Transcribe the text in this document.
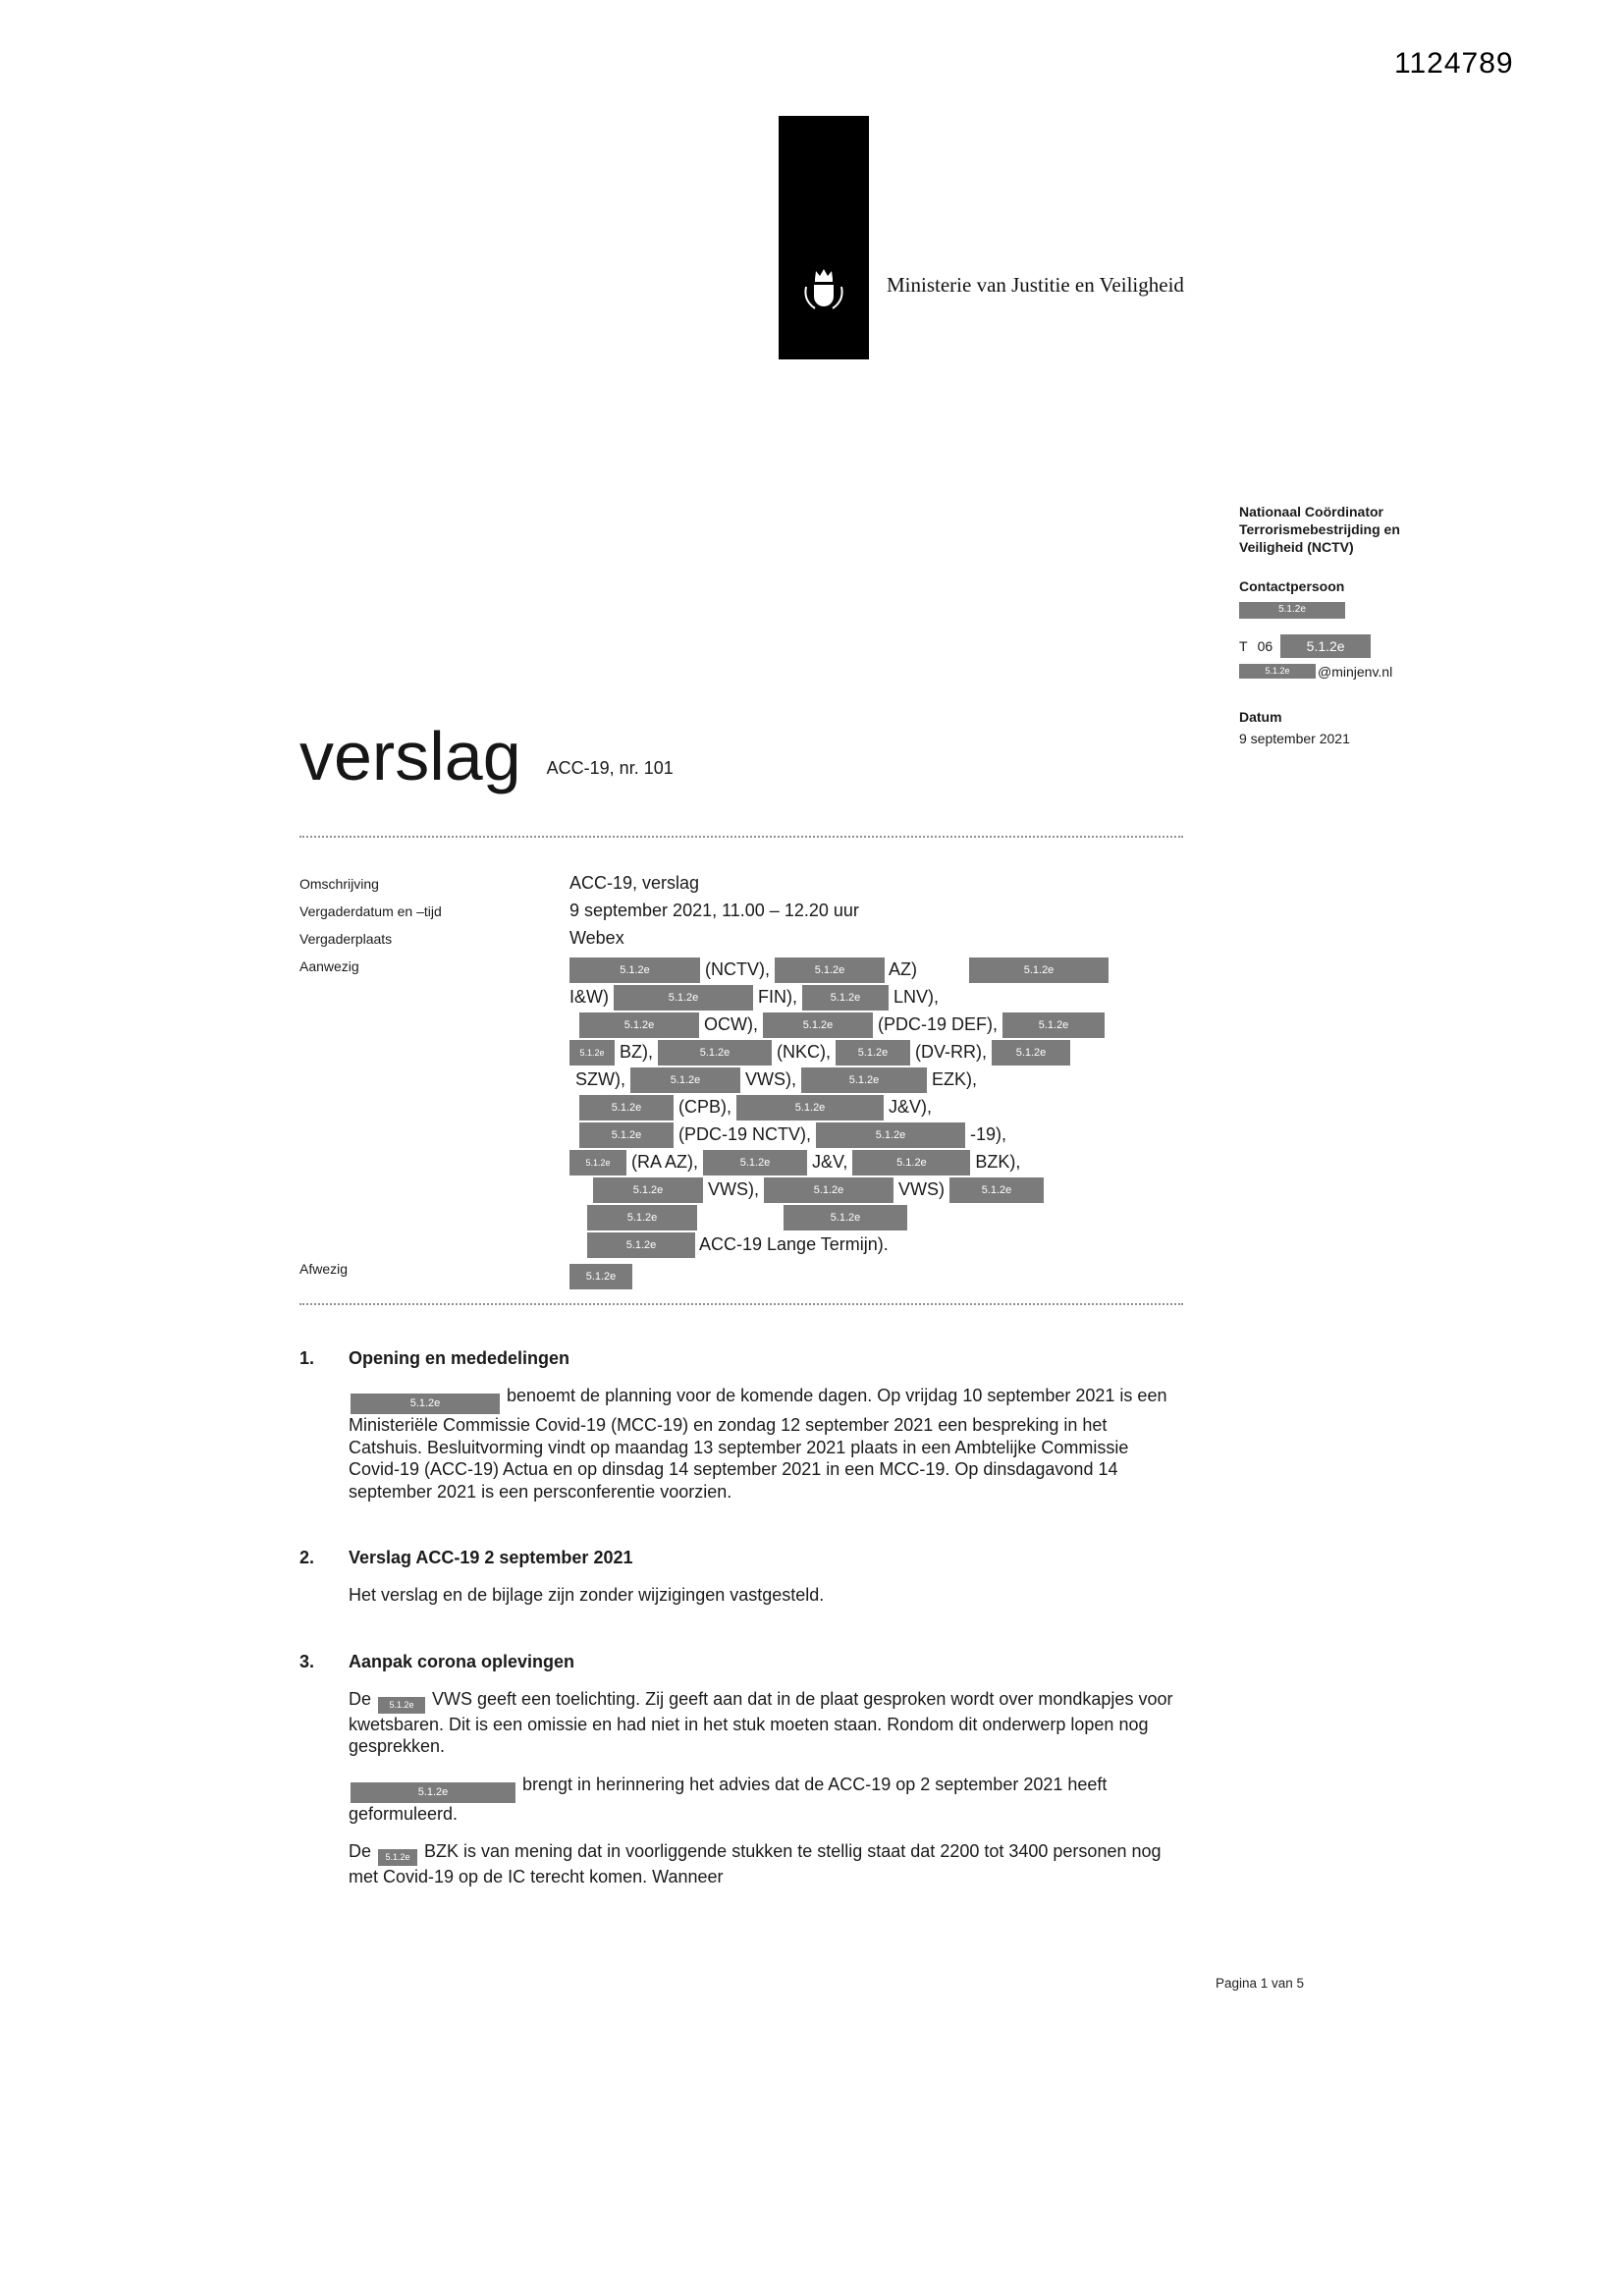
1124789
Ministerie van Justitie en Veiligheid
Nationaal Coördinator
Terrorismebestrijding en
Veiligheid (NCTV)
Contactpersoon
5.1.2e
T 06	5.1.2e
5.1.2e	@minjenv.nl
Datum
9 september 2021
verslag ACC-19, nr. 101
Omschrijving	ACC-19, verslag
Vergaderdatum en –tijd	9 september 2021, 11.00 – 12.20 uur
Vergaderplaats	Webex
Aanwezig	5.1.2e	(NCTV),	5.1.2e AZ)	5.1.2e
I&W)	5.1.2e	FIN),	5.1.2e LNV),
5.1.2e	OCW),	5.1.2e (PDC-19 DEF),	5.1.2e
5.1.2e BZ),	5.1.2e (NKC), 5.1.2e (DV-RR), 5.1.2e
SZW),	5.1.2e VWS),	5.1.2e	EZK),
5.1.2e (CPB),	5.1.2e	J&V),
5.1.2e (PDC-19 NCTV),	5.1.2e	-19),
5.1.2e (RA AZ),	5.1.2e J&V,	5.1.2e BZK),
5.1.2e VWS),	5.1.2e	VWS)	5.1.2e
5.1.2e	5.1.2e
5.1.2e ACC-19 Lange Termijn).
Afwezig	5.1.2e
1.	Opening en mededelingen

5.1.2e	benoemt de planning voor de komende dagen. Op vrijdag 10 september 2021 is een Ministeriële Commissie Covid-19 (MCC-19) en zondag 12 september 2021 een bespreking in het Catshuis. Besluitvorming vindt op maandag 13 september 2021 plaats in een Ambtelijke Commissie Covid-19 (ACC-19) Actua en op dinsdag 14 september 2021 in een MCC-19. Op dinsdagavond 14 september 2021 is een persconferentie voorzien.

2.	Verslag ACC-19 2 september 2021

Het verslag en de bijlage zijn zonder wijzigingen vastgesteld.

3.	Aanpak corona oplevingen

De 5.1.2e VWS geeft een toelichting. Zij geeft aan dat in de plaat gesproken wordt over mondkapjes voor kwetsbaren. Dit is een omissie en had niet in het stuk moeten staan. Rondom dit onderwerp lopen nog gesprekken.

5.1.2e	brengt in herinnering het advies dat de ACC-19 op 2 september 2021 heeft geformuleerd.

De 5.1.2e BZK is van mening dat in voorliggende stukken te stellig staat dat 2200 tot 3400 personen nog met Covid-19 op de IC terecht komen. Wanneer

Pagina 1 van 5
